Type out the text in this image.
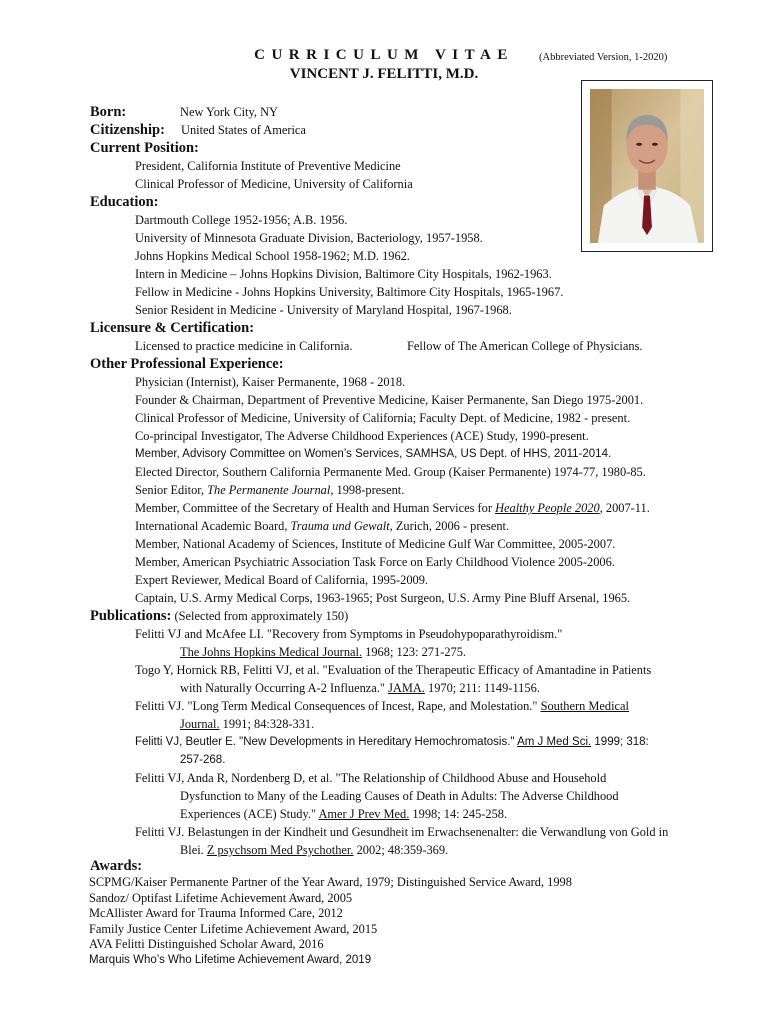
CURRICULUM VITAE	(Abbreviated Version, 1-2020)
VINCENT J. FELITTI, M.D.
Born:	New York City, NY
Citizenship: United States of America
Current Position:
President, California Institute of Preventive Medicine
Clinical Professor of Medicine, University of California
Education:
Dartmouth College 1952-1956; A.B. 1956.
University of Minnesota Graduate Division, Bacteriology, 1957-1958.
Johns Hopkins Medical School 1958-1962; M.D. 1962.
Intern in Medicine – Johns Hopkins Division, Baltimore City Hospitals, 1962-1963.
Fellow in Medicine - Johns Hopkins University, Baltimore City Hospitals, 1965-1967.
Senior Resident in Medicine - University of Maryland Hospital, 1967-1968.
Licensure & Certification:
Licensed to practice medicine in California.	Fellow of The American College of Physicians.
Other Professional Experience:
Physician (Internist), Kaiser Permanente, 1968 - 2018.
Founder & Chairman, Department of Preventive Medicine, Kaiser Permanente, San Diego 1975-2001.
Clinical Professor of Medicine, University of California; Faculty Dept. of Medicine, 1982 - present.
Co-principal Investigator, The Adverse Childhood Experiences (ACE) Study, 1990-present.
Member, Advisory Committee on Women’s Services, SAMHSA, US Dept. of HHS, 2011-2014.
Elected Director, Southern California Permanente Med. Group (Kaiser Permanente) 1974-77, 1980-85.
Senior Editor, The Permanente Journal, 1998-present.
Member, Committee of the Secretary of Health and Human Services for Healthy People 2020, 2007-11.
International Academic Board, Trauma und Gewalt, Zurich, 2006 - present.
Member, National Academy of Sciences, Institute of Medicine Gulf War Committee, 2005-2007.
Member, American Psychiatric Association Task Force on Early Childhood Violence 2005-2006.
Expert Reviewer, Medical Board of California, 1995-2009.
Captain, U.S. Army Medical Corps, 1963-1965; Post Surgeon, U.S. Army Pine Bluff Arsenal, 1965.
Publications: (Selected from approximately 150)
Felitti VJ and McAfee LI. "Recovery from Symptoms in Pseudohypoparathyroidism."
The Johns Hopkins Medical Journal. 1968; 123: 271-275.
Togo Y, Hornick RB, Felitti VJ, et al. "Evaluation of the Therapeutic Efficacy of Amantadine in Patients with Naturally Occurring A-2 Influenza." JAMA. 1970; 211: 1149-1156.
Felitti VJ. "Long Term Medical Consequences of Incest, Rape, and Molestation." Southern Medical Journal. 1991; 84:328-331.
Felitti VJ, Beutler E. "New Developments in Hereditary Hemochromatosis." Am J Med Sci. 1999; 318: 257-268.
Felitti VJ, Anda R, Nordenberg D, et al. "The Relationship of Childhood Abuse and Household Dysfunction to Many of the Leading Causes of Death in Adults: The Adverse Childhood Experiences (ACE) Study." Amer J Prev Med. 1998; 14: 245-258.
Felitti VJ. Belastungen in der Kindheit und Gesundheit im Erwachsenenalter: die Verwandlung von Gold in Blei. Z psychsom Med Psychother. 2002; 48:359-369.
Awards:
SCPMG/Kaiser Permanente Partner of the Year Award, 1979; Distinguished Service Award, 1998
Sandoz/ Optifast Lifetime Achievement Award, 2005
McAllister Award for Trauma Informed Care, 2012
Family Justice Center Lifetime Achievement Award, 2015
AVA Felitti Distinguished Scholar Award, 2016
Marquis Who’s Who Lifetime Achievement Award, 2019
